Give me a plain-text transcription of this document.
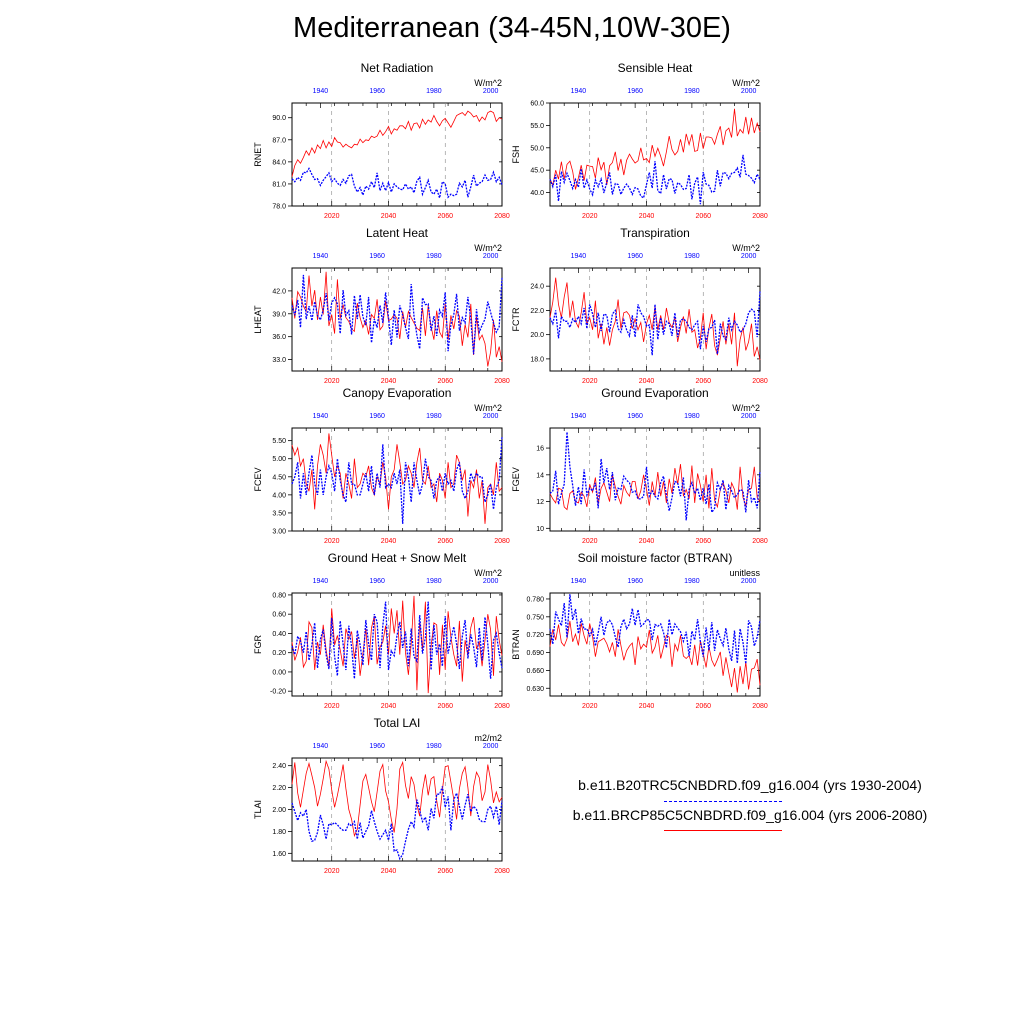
Mediterranean (34-45N,10W-30E)
Net Radiation
W/m^2
RNET
78.0
81.0
84.0
87.0
90.0
2020	2040	2060	2080
1940	1960	1980	2000
Sensible Heat
W/m^2
FSH
40.0
45.0
50.0
55.0
60.0
2020	2040	2060	2080
1940	1960	1980	2000
Latent Heat
W/m^2
LHEAT
33.0
36.0
39.0
42.0
2020	2040	2060	2080
1940	1960	1980	2000
Transpiration
W/m^2
FCTR
18.0
20.0
22.0
24.0
2020	2040	2060	2080
1940	1960	1980	2000
Canopy Evaporation
W/m^2
FCEV
3.00
3.50
4.00
4.50
5.00
5.50
2020	2040	2060	2080
1940	1960	1980	2000
Ground Evaporation
W/m^2
FGEV
10
12
14
16
2020	2040	2060	2080
1940	1960	1980	2000
Ground Heat + Snow Melt
W/m^2
FGR
-0.20
0.00
0.20
0.40
0.60
0.80
2020	2040	2060	2080
1940	1960	1980	2000
Soil moisture factor (BTRAN)
unitless
BTRAN
0.630
0.660
0.690
0.720
0.750
0.780
2020	2040	2060	2080
1940	1960	1980	2000
Total LAI
m2/m2
TLAI
1.60
1.80
2.00
2.20
2.40
2020	2040	2060	2080
1940	1960	1980	2000
b.e11.B20TRC5CNBDRD.f09_g16.004 (yrs 1930-2004)
b.e11.BRCP85C5CNBDRD.f09_g16.004 (yrs 2006-2080)
